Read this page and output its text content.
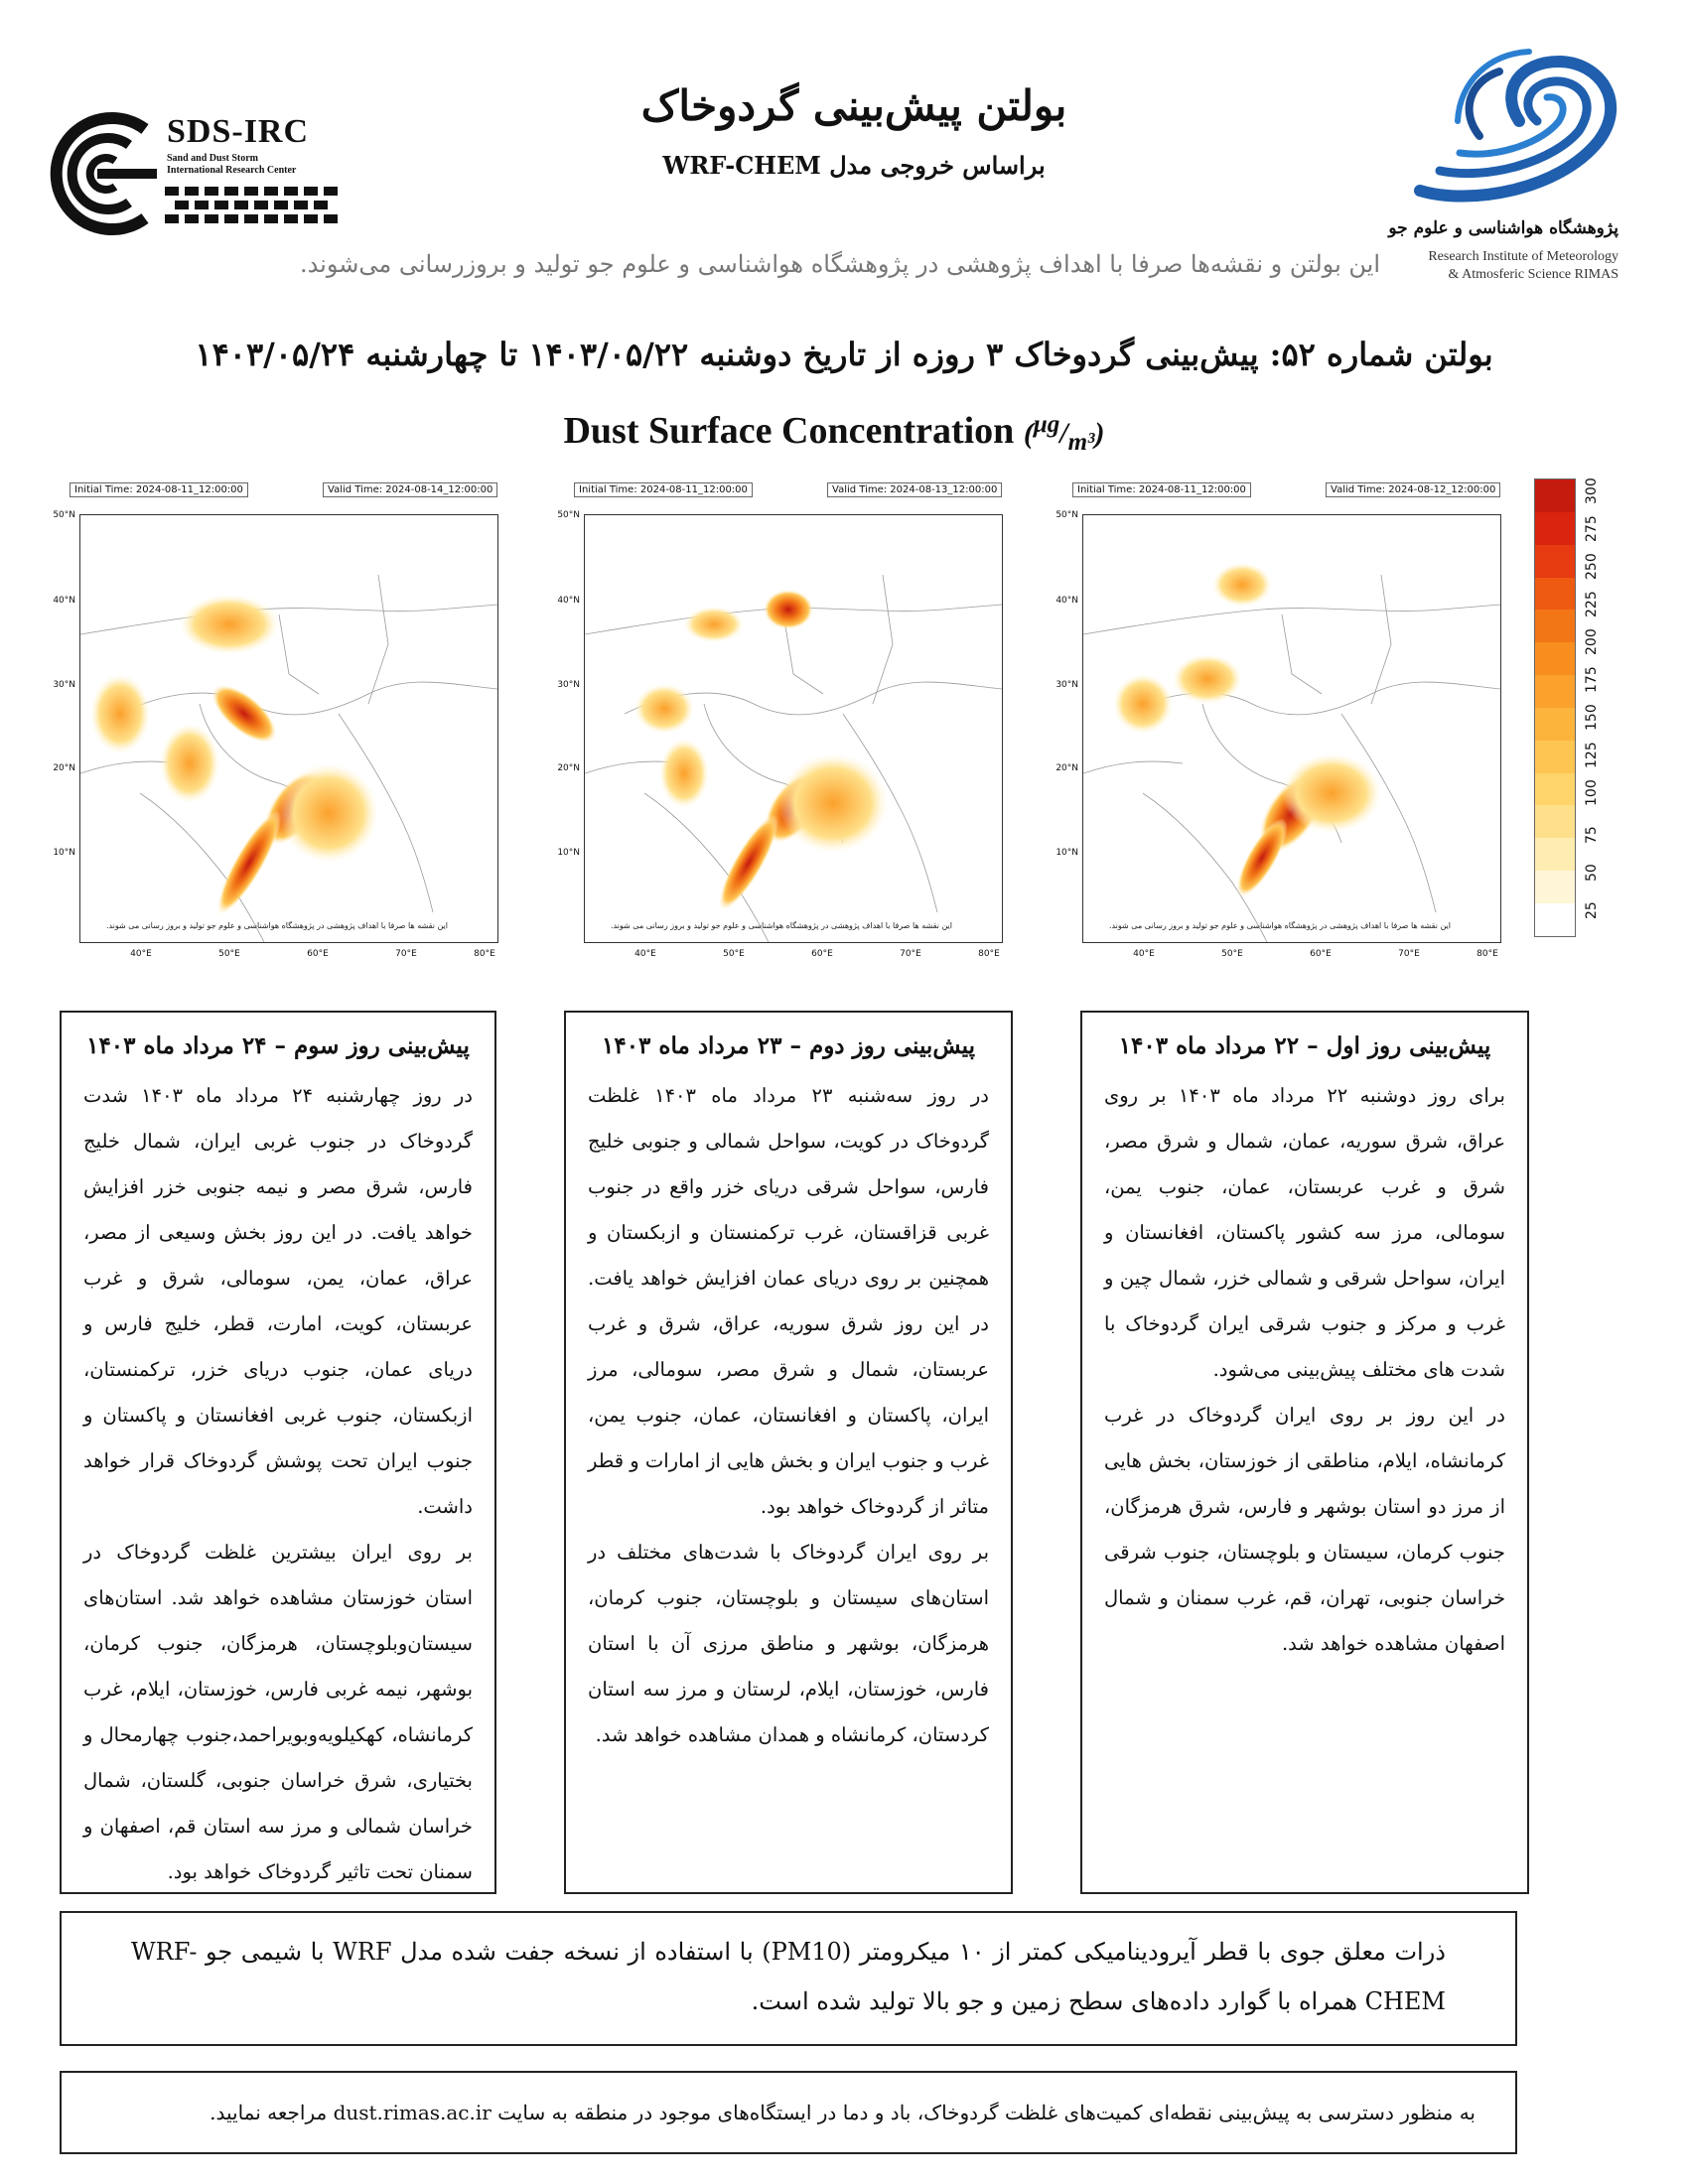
SDS-IRC
Sand and Dust Storm
International Research Center
بولتن پیش‌بینی گردوخاک
براساس خروجی مدل WRF-CHEM
پژوهشگاه هواشناسی و علوم جو
Research Institute of Meteorology
& Atmosferic Science RIMAS
این بولتن و نقشه‌ها صرفا با اهداف پژوهشی در پژوهشگاه هواشناسی و علوم جو تولید و بروزرسانی می‌شوند.
بولتن شماره ۵۲: پیش‌بینی گردوخاک ۳ روزه از تاریخ دوشنبه ۱۴۰۳/۰۵/۲۲ تا چهارشنبه ۱۴۰۳/۰۵/۲۴
Dust Surface Concentration $(^{\mu g}/_{m^3})$
Initial Time: 2024-08-11_12:00:00	Valid Time: 2024-08-14_12:00:00
این نقشه ها صرفا با اهداف پژوهشی در پژوهشگاه هواشناسی و علوم جو تولید و بروز رسانی می شوند.
50°N
40°N
30°N
20°N
10°N
40°E	50°E	60°E	70°E	80°E
Initial Time: 2024-08-11_12:00:00	Valid Time: 2024-08-13_12:00:00
این نقشه ها صرفا با اهداف پژوهشی در پژوهشگاه هواشناسی و علوم جو تولید و بروز رسانی می شوند.
50°N
40°N
30°N
20°N
10°N
40°E	50°E	60°E	70°E	80°E
Initial Time: 2024-08-11_12:00:00	Valid Time: 2024-08-12_12:00:00
این نقشه ها صرفا با اهداف پژوهشی در پژوهشگاه هواشناسی و علوم جو تولید و بروز رسانی می شوند.
50°N
40°N
30°N
20°N
10°N
40°E	50°E	60°E	70°E	80°E
300
275
250
225
200
175
150
125
100
75
50
25
پیش‌بینی روز سوم – ۲۴ مرداد ماه ۱۴۰۳

در روز چهارشنبه ۲۴ مرداد ماه ۱۴۰۳ شدت گردوخاک در جنوب غربی ایران، شمال خلیج فارس، شرق مصر و نیمه جنوبی خزر افزایش خواهد یافت. در این روز بخش وسیعی از مصر، عراق، عمان، یمن، سومالی، شرق و غرب عربستان، کویت، امارت، قطر، خلیج فارس و دریای عمان، جنوب دریای خزر، ترکمنستان، ازبکستان، جنوب غربی افغانستان و پاکستان و جنوب ایران تحت پوشش گردوخاک قرار خواهد داشت.

بر روی ایران بیشترین غلظت گردوخاک در استان خوزستان مشاهده خواهد شد. استان‌های سیستان‌وبلوچستان، هرمزگان، جنوب کرمان، بوشهر، نیمه غربی فارس، خوزستان، ایلام، غرب کرمانشاه، کهکیلویه‌وبویراحمد،جنوب چهارمحال و بختیاری، شرق خراسان جنوبی، گلستان، شمال خراسان شمالی و مرز سه استان قم، اصفهان و سمنان تحت تاثیر گردوخاک خواهد بود.

پیش‌بینی روز دوم – ۲۳ مرداد ماه ۱۴۰۳

در روز سه‌شنبه ۲۳ مرداد ماه ۱۴۰۳ غلظت گردوخاک در کویت، سواحل شمالی و جنوبی خلیج فارس، سواحل شرقی دریای خزر واقع در جنوب غربی قزاقستان، غرب ترکمنستان و ازبکستان و همچنین بر روی دریای عمان افزایش خواهد یافت. در این روز شرق سوریه، عراق، شرق و غرب عربستان، شمال و شرق مصر، سومالی، مرز ایران، پاکستان و افغانستان، عمان، جنوب یمن، غرب و جنوب ایران و بخش هایی از امارات و قطر متاثر از گردوخاک خواهد بود.

بر روی ایران گردوخاک با شدت‌های مختلف در استان‌های سیستان و بلوچستان، جنوب کرمان، هرمزگان، بوشهر و مناطق مرزی آن با استان فارس، خوزستان، ایلام، لرستان و مرز سه استان کردستان، کرمانشاه و همدان مشاهده خواهد شد.

پیش‌بینی روز اول – ۲۲ مرداد ماه ۱۴۰۳

برای روز دوشنبه ۲۲ مرداد ماه ۱۴۰۳ بر روی عراق، شرق سوریه، عمان، شمال و شرق مصر، شرق و غرب عربستان، عمان، جنوب یمن، سومالی، مرز سه کشور پاکستان، افغانستان و ایران، سواحل شرقی و شمالی خزر، شمال چین و غرب و مرکز و جنوب شرقی ایران گردوخاک با شدت های مختلف پیش‌بینی می‌شود.

در این روز بر روی ایران گردوخاک در غرب کرمانشاه، ایلام، مناطقی از خوزستان، بخش هایی از مرز دو استان بوشهر و فارس، شرق هرمزگان، جنوب کرمان، سیستان و بلوچستان، جنوب شرقی خراسان جنوبی، تهران، قم، غرب سمنان و شمال اصفهان مشاهده خواهد شد.

ذرات معلق جوی با قطر آیرودینامیکی کمتر از ۱۰ میکرومتر (PM10) با استفاده از نسخه جفت شده مدل WRF با شیمی جو WRF-CHEM همراه با گوارد داده‌های سطح زمین و جو بالا تولید شده است.
به منظور دسترسی به پیش‌بینی نقطه‌ای کمیت‌های غلظت گردوخاک، باد و دما در ایستگاه‌های موجود در منطقه به سایت dust.rimas.ac.ir مراجعه نمایید.
